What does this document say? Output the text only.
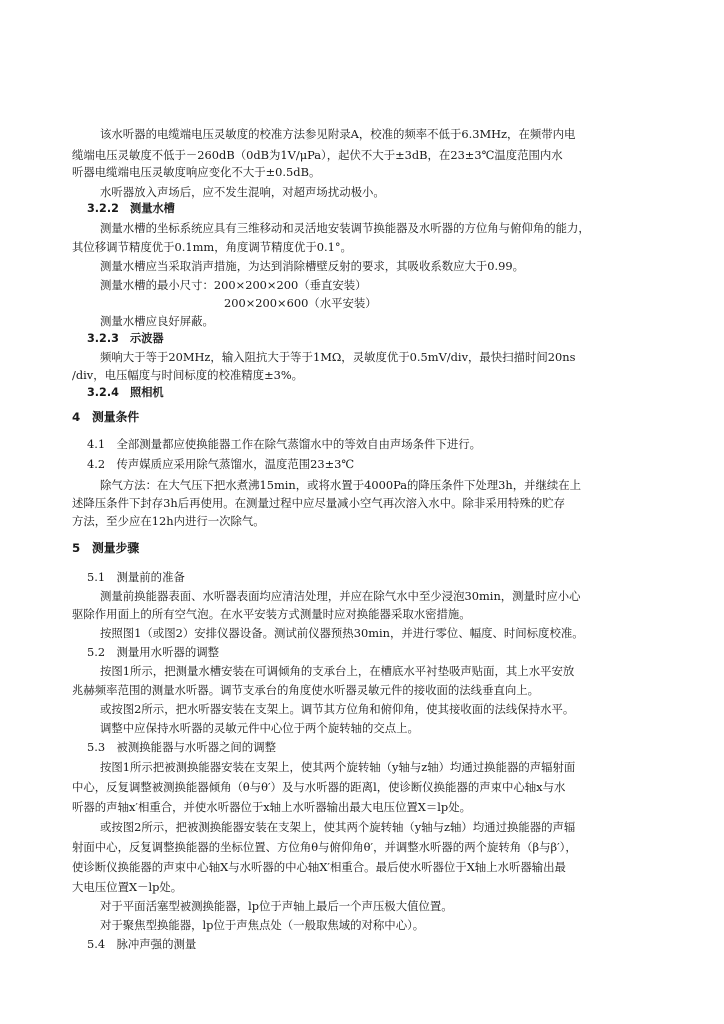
该水听器的电缆端电压灵敏度的校准方法参见附录A，校准的频率不低于6.3MHz，在频带内电
缆端电压灵敏度不低于－260dB（0dB为1V/μPa），起伏不大于±3dB，在23±3℃温度范围内水
听器电缆端电压灵敏度响应变化不大于±0.5dB。
水听器放入声场后，应不发生混响，对超声场扰动极小。
3.2.2　测量水槽
测量水槽的坐标系统应具有三维移动和灵活地安装调节换能器及水听器的方位角与俯仰角的能力，
其位移调节精度优于0.1mm，角度调节精度优于0.1°。
测量水槽应当采取消声措施，为达到消除槽壁反射的要求，其吸收系数应大于0.99。
测量水槽的最小尺寸：200×200×200（垂直安装）
200×200×600（水平安装）
测量水槽应良好屏蔽。
3.2.3　示波器
频响大于等于20MHz，输入阻抗大于等于1MΩ，灵敏度优于0.5mV/div，最快扫描时间20ns
/div，电压幅度与时间标度的校准精度±3%。
3.2.4　照相机
4　测量条件
4.1　全部测量都应使换能器工作在除气蒸馏水中的等效自由声场条件下进行。
4.2　传声媒质应采用除气蒸馏水，温度范围23±3℃
除气方法：在大气压下把水煮沸15min，或将水置于4000Pa的降压条件下处理3h，并继续在上
述降压条件下封存3h后再使用。在测量过程中应尽量减小空气再次溶入水中。除非采用特殊的贮存
方法，至少应在12h内进行一次除气。
5　测量步骤
5.1　测量前的准备
测量前换能器表面、水听器表面均应清洁处理，并应在除气水中至少浸泡30min，测量时应小心
驱除作用面上的所有空气泡。在水平安装方式测量时应对换能器采取水密措施。
按照图1（或图2）安排仪器设备。测试前仪器预热30min，并进行零位、幅度、时间标度校准。
5.2　测量用水听器的调整
按图1所示，把测量水槽安装在可调倾角的支承台上，在槽底水平衬垫吸声贴面，其上水平安放
兆赫频率范围的测量水听器。调节支承台的角度使水听器灵敏元件的接收面的法线垂直向上。
或按图2所示，把水听器安装在支架上。调节其方位角和俯仰角，使其接收面的法线保持水平。
调整中应保持水听器的灵敏元件中心位于两个旋转轴的交点上。
5.3　被测换能器与水听器之间的调整
按图1所示把被测换能器安装在支架上，使其两个旋转轴（y轴与z轴）均通过换能器的声辐射面
中心，反复调整被测换能器倾角（θ与θ′）及与水听器的距离l，使诊断仪换能器的声束中心轴x与水
听器的声轴x′相重合，并使水听器位于x轴上水听器输出最大电压位置X＝lp处。
或按图2所示，把被测换能器安装在支架上，使其两个旋转轴（y轴与z轴）均通过换能器的声辐
射面中心，反复调整换能器的坐标位置、方位角θ与俯仰角θ′，并调整水听器的两个旋转角（β与β′），
使诊断仪换能器的声束中心轴X与水听器的中心轴X′相重合。最后使水听器位于X轴上水听器输出最
大电压位置X－lp处。
对于平面活塞型被测换能器，lp位于声轴上最后一个声压极大值位置。
对于聚焦型换能器，lp位于声焦点处（一般取焦域的对称中心）。
5.4　脉冲声强的测量
